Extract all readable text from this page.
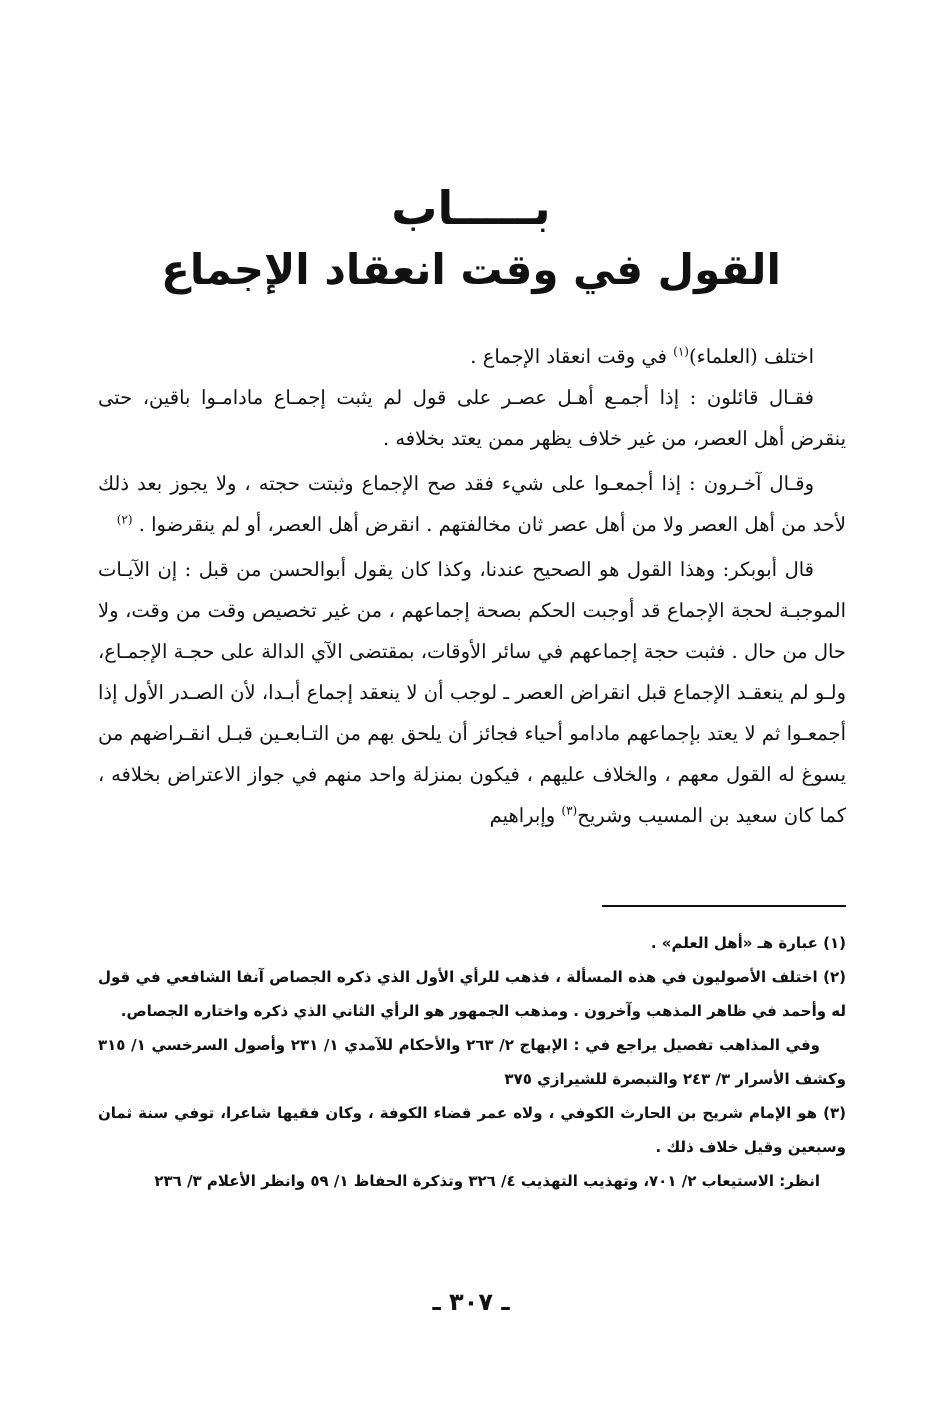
بـــــاب
القول في وقت انعقاد الإجماع

اختلف (العلماء)$^{(١)}$ في وقت انعقاد الإجماع .

فقـال قائلون : إذا أجمـع أهـل عصـر على قول لم يثبت إجمـاع مادامـوا باقين، حتى ينقرض أهل العصر، من غير خلاف يظهر ممن يعتد بخلافه .

وقـال آخـرون : إذا أجمعـوا على شيء فقد صح الإجماع وثبتت حجته ، ولا يجوز بعد ذلك لأحد من أهل العصر ولا من أهل عصر ثان مخالفتهم . انقرض أهل العصر، أو لم ينقرضوا . $^{(٢)}$

قال أبوبكر: وهذا القول هو الصحيح عندنا، وكذا كان يقول أبوالحسن من قبل : إن الآيـات الموجبـة لحجة الإجماع قد أوجبت الحكم بصحة إجماعهم ، من غير تخصيص وقت من وقت، ولا حال من حال . فثبت حجة إجماعهم في سائر الأوقات، بمقتضى الآي الدالة على حجـة الإجمـاع، ولـو لم ينعقـد الإجماع قبل انقراض العصر ـ لوجب أن لا ينعقد إجماع أبـدا، لأن الصـدر الأول إذا أجمعـوا ثم لا يعتد بإجماعهم مادامو أحياء فجائز أن يلحق بهم من التـابعـين قبـل انقـراضهم من يسوغ له القول معهم ، والخلاف عليهم ، فيكون بمنزلة واحد منهم في جواز الاعتراض بخلافه ، كما كان سعيد بن المسيب وشريح$^{(٣)}$ وإبراهيم

(١) عبارة هـ «أهل العلم» .

(٢) اختلف الأصوليون في هذه المسألة ، فذهب للرأي الأول الذي ذكره الجصاص آنفا الشافعي في قول له وأحمد في ظاهر المذهب وآخرون . ومذهب الجمهور هو الرأي الثاني الذي ذكره واختاره الجصاص.

وفي المذاهب تفصيل يراجع في : الإبهاج ٢/ ٢٦٣ والأحكام للآمدي ١/ ٢٣١ وأصول السرخسي ١/ ٣١٥ وكشف الأسرار ٣/ ٢٤٣ والتبصرة للشيرازي ٣٧٥

(٣) هو الإمام شريح بن الحارث الكوفي ، ولاه عمر قضاء الكوفة ، وكان فقيها شاعرا، توفي سنة ثمان وسبعين وقيل خلاف ذلك .

انظر: الاستيعاب ٢/ ٧٠١، وتهذيب التهذيب ٤/ ٣٢٦ وتذكرة الحفاظ ١/ ٥٩ وانظر الأعلام ٣/ ٢٣٦

ـ ٣٠٧ ـ
